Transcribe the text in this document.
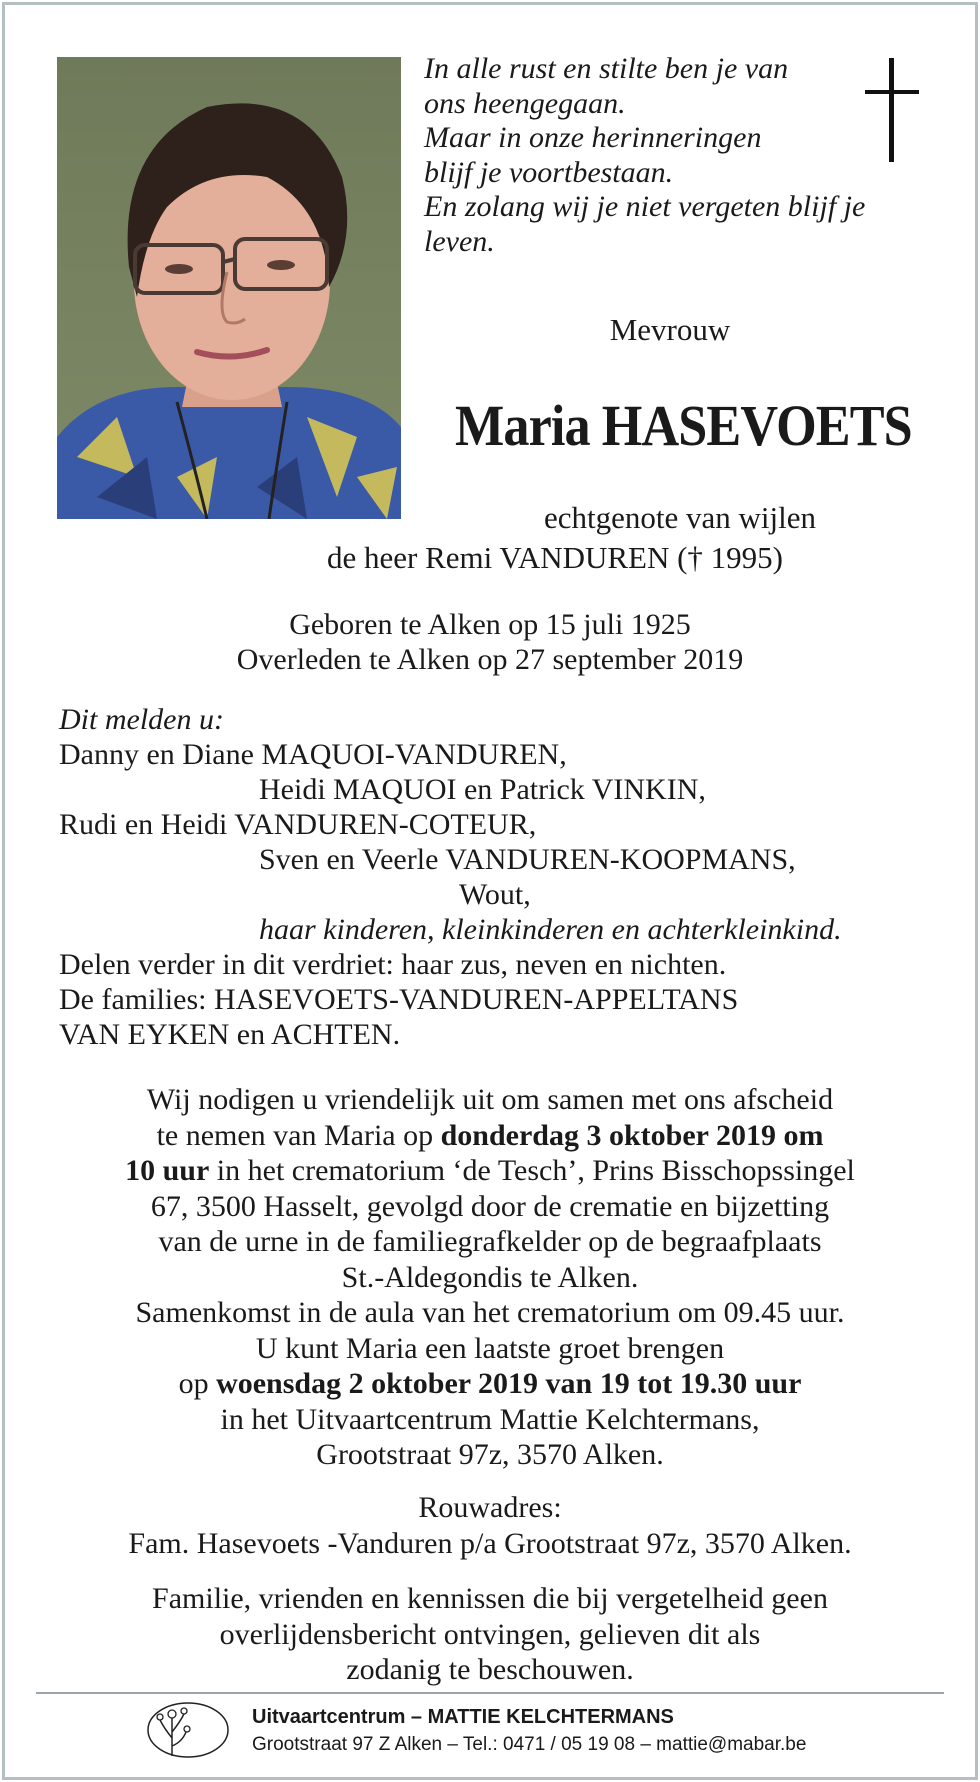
In alle rust en stilte ben je van
ons heengegaan.
Maar in onze herinneringen
blijf je voortbestaan.
En zolang wij je niet vergeten blijf je
leven.
Mevrouw
Maria HASEVOETS
echtgenote van wijlen
de heer Remi VANDUREN († 1995)
Geboren te Alken op 15 juli 1925
Overleden te Alken op 27 september 2019
Dit melden u:
Danny en Diane MAQUOI-VANDUREN,
Heidi MAQUOI en Patrick VINKIN,
Rudi en Heidi VANDUREN-COTEUR,
Sven en Veerle VANDUREN-KOOPMANS,
Wout,
haar kinderen, kleinkinderen en achterkleinkind.
Delen verder in dit verdriet: haar zus, neven en nichten.
De families: HASEVOETS-VANDUREN-APPELTANS
VAN EYKEN en ACHTEN.
Wij nodigen u vriendelijk uit om samen met ons afscheid
te nemen van Maria op donderdag 3 oktober 2019 om
10 uur in het crematorium ‘de Tesch’, Prins Bisschopssingel
67, 3500 Hasselt, gevolgd door de crematie en bijzetting
van de urne in de familiegrafkelder op de begraafplaats
St.-Aldegondis te Alken.
Samenkomst in de aula van het crematorium om 09.45 uur.
U kunt Maria een laatste groet brengen
op woensdag 2 oktober 2019 van 19 tot 19.30 uur
in het Uitvaartcentrum Mattie Kelchtermans,
Grootstraat 97z, 3570 Alken.
Rouwadres:
Fam. Hasevoets -Vanduren p/a Grootstraat 97z, 3570 Alken.
Familie, vrienden en kennissen die bij vergetelheid geen
overlijdensbericht ontvingen, gelieven dit als
zodanig te beschouwen.
Uitvaartcentrum – MATTIE KELCHTERMANS
Grootstraat 97 Z Alken – Tel.: 0471 / 05 19 08 – mattie@mabar.be
